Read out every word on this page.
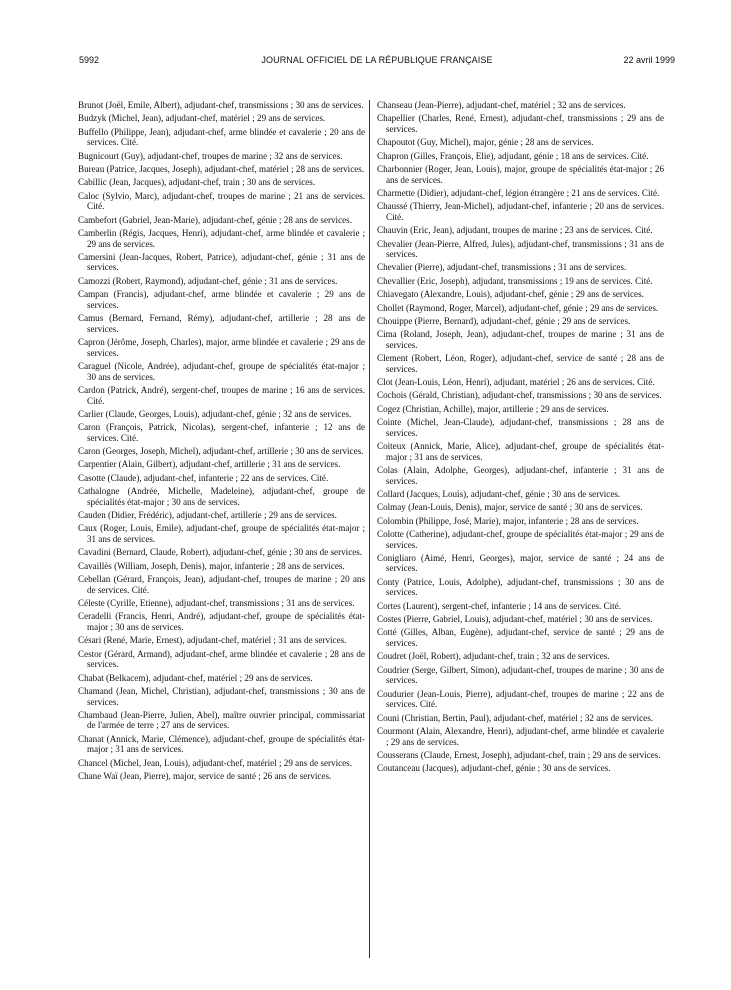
5992	JOURNAL OFFICIEL DE LA RÉPUBLIQUE FRANÇAISE	22 avril 1999

Brunot (Joël, Emile, Albert), adjudant-chef, transmissions ; 30 ans de services.

Budzyk (Michel, Jean), adjudant-chef, matériel ; 29 ans de services.

Buffello (Philippe, Jean), adjudant-chef, arme blindée et cavalerie ; 20 ans de services. Cité.

Bugnicourt (Guy), adjudant-chef, troupes de marine ; 32 ans de services.

Bureau (Patrice, Jacques, Joseph), adjudant-chef, matériel ; 28 ans de services.

Cabillic (Jean, Jacques), adjudant-chef, train ; 30 ans de services.

Caloc (Sylvio, Marc), adjudant-chef, troupes de marine ; 21 ans de services. Cité.

Cambefort (Gabriel, Jean-Marie), adjudant-chef, génie ; 28 ans de services.

Camberlin (Régis, Jacques, Henri), adjudant-chef, arme blindée et cavalerie ; 29 ans de services.

Camersini (Jean-Jacques, Robert, Patrice), adjudant-chef, génie ; 31 ans de services.

Camozzi (Robert, Raymond), adjudant-chef, génie ; 31 ans de services.

Campan (Francis), adjudant-chef, arme blindée et cavalerie ; 29 ans de services.

Camus (Bernard, Fernand, Rémy), adjudant-chef, artillerie ; 28 ans de services.

Capron (Jérôme, Joseph, Charles), major, arme blindée et cavalerie ; 29 ans de services.

Caraguel (Nicole, Andrée), adjudant-chef, groupe de spécialités état-major ; 30 ans de services.

Cardon (Patrick, André), sergent-chef, troupes de marine ; 16 ans de services. Cité.

Carlier (Claude, Georges, Louis), adjudant-chef, génie ; 32 ans de services.

Caron (François, Patrick, Nicolas), sergent-chef, infanterie ; 12 ans de services. Cité.

Caron (Georges, Joseph, Michel), adjudant-chef, artillerie ; 30 ans de services.

Carpentier (Alain, Gilbert), adjudant-chef, artillerie ; 31 ans de services.

Casotte (Claude), adjudant-chef, infanterie ; 22 ans de services. Cité.

Cathalogne (Andrée, Michelle, Madeleine), adjudant-chef, groupe de spécialités état-major ; 30 ans de services.

Cauden (Didier, Frédéric), adjudant-chef, artillerie ; 29 ans de services.

Caux (Roger, Louis, Emile), adjudant-chef, groupe de spécialités état-major ; 31 ans de services.

Cavadini (Bernard, Claude, Robert), adjudant-chef, génie ; 30 ans de services.

Cavaillès (William, Joseph, Denis), major, infanterie ; 28 ans de services.

Cebellan (Gérard, François, Jean), adjudant-chef, troupes de marine ; 20 ans de services. Cité.

Céleste (Cyrille, Etienne), adjudant-chef, transmissions ; 31 ans de services.

Ceradelli (Francis, Henri, André), adjudant-chef, groupe de spécialités état-major ; 30 ans de services.

Césari (René, Marie, Ernest), adjudant-chef, matériel ; 31 ans de services.

Cestor (Gérard, Armand), adjudant-chef, arme blindée et cavalerie ; 28 ans de services.

Chabat (Belkacem), adjudant-chef, matériel ; 29 ans de services.

Chamand (Jean, Michel, Christian), adjudant-chef, transmissions ; 30 ans de services.

Chambaud (Jean-Pierre, Julien, Abel), maître ouvrier principal, commissariat de l'armée de terre ; 27 ans de services.

Chanat (Annick, Marie, Clémence), adjudant-chef, groupe de spécialités état-major ; 31 ans de services.

Chancel (Michel, Jean, Louis), adjudant-chef, matériel ; 29 ans de services.

Chane Waï (Jean, Pierre), major, service de santé ; 26 ans de services.

Chanseau (Jean-Pierre), adjudant-chef, matériel ; 32 ans de services.

Chapellier (Charles, René, Ernest), adjudant-chef, transmissions ; 29 ans de services.

Chapoutot (Guy, Michel), major, génie ; 28 ans de services.

Chapron (Gilles, François, Elie), adjudant, génie ; 18 ans de services. Cité.

Charbonnier (Roger, Jean, Louis), major, groupe de spécialités état-major ; 26 ans de services.

Charmette (Didier), adjudant-chef, légion étrangère ; 21 ans de services. Cité.

Chaussé (Thierry, Jean-Michel), adjudant-chef, infanterie ; 20 ans de services. Cité.

Chauvin (Eric, Jean), adjudant, troupes de marine ; 23 ans de services. Cité.

Chevalier (Jean-Pierre, Alfred, Jules), adjudant-chef, transmissions ; 31 ans de services.

Chevalier (Pierre), adjudant-chef, transmissions ; 31 ans de services.

Chevallier (Eric, Joseph), adjudant, transmissions ; 19 ans de services. Cité.

Chiavegato (Alexandre, Louis), adjudant-chef, génie ; 29 ans de services.

Chollet (Raymond, Roger, Marcel), adjudant-chef, génie ; 29 ans de services.

Chouippe (Pierre, Bernard), adjudant-chef, génie ; 29 ans de services.

Cima (Roland, Joseph, Jean), adjudant-chef, troupes de marine ; 31 ans de services.

Clement (Robert, Léon, Roger), adjudant-chef, service de santé ; 28 ans de services.

Clot (Jean-Louis, Léon, Henri), adjudant, matériel ; 26 ans de services. Cité.

Cochois (Gérald, Christian), adjudant-chef, transmissions ; 30 ans de services.

Cogez (Christian, Achille), major, artillerie ; 29 ans de services.

Cointe (Michel, Jean-Claude), adjudant-chef, transmissions ; 28 ans de services.

Coiteux (Annick, Marie, Alice), adjudant-chef, groupe de spécialités état-major ; 31 ans de services.

Colas (Alain, Adolphe, Georges), adjudant-chef, infanterie ; 31 ans de services.

Collard (Jacques, Louis), adjudant-chef, génie ; 30 ans de services.

Colmay (Jean-Louis, Denis), major, service de santé ; 30 ans de services.

Colombin (Philippe, José, Marie), major, infanterie ; 28 ans de services.

Colotte (Catherine), adjudant-chef, groupe de spécialités état-major ; 29 ans de services.

Conigliaro (Aimé, Henri, Georges), major, service de santé ; 24 ans de services.

Conty (Patrice, Louis, Adolphe), adjudant-chef, transmissions ; 30 ans de services.

Cortes (Laurent), sergent-chef, infanterie ; 14 ans de services. Cité.

Costes (Pierre, Gabriel, Louis), adjudant-chef, matériel ; 30 ans de services.

Cotté (Gilles, Alban, Eugène), adjudant-chef, service de santé ; 29 ans de services.

Coudret (Joël, Robert), adjudant-chef, train ; 32 ans de services.

Coudrier (Serge, Gilbert, Simon), adjudant-chef, troupes de marine ; 30 ans de services.

Coudurier (Jean-Louis, Pierre), adjudant-chef, troupes de marine ; 22 ans de services. Cité.

Couni (Christian, Bertin, Paul), adjudant-chef, matériel ; 32 ans de services.

Courmont (Alain, Alexandre, Henri), adjudant-chef, arme blindée et cavalerie ; 29 ans de services.

Cousserans (Claude, Ernest, Joseph), adjudant-chef, train ; 29 ans de services.

Coutanceau (Jacques), adjudant-chef, génie ; 30 ans de services.
